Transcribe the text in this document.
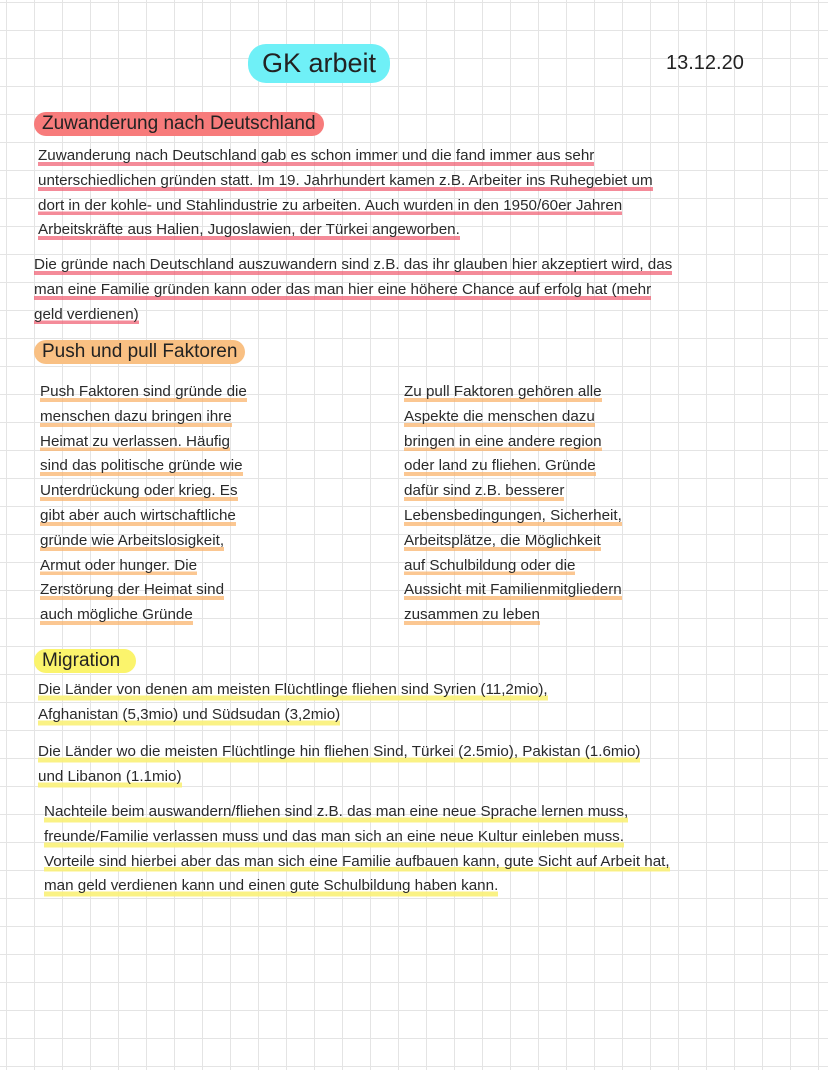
GK arbeit	13.12.20
Zuwanderung nach Deutschland
Zuwanderung nach Deutschland gab es schon immer und die fand immer aus sehr
unterschiedlichen gründen statt. Im 19. Jahrhundert kamen z.B. Arbeiter ins Ruhegebiet um
dort in der kohle- und Stahlindustrie zu arbeiten. Auch wurden in den 1950/60er Jahren
Arbeitskräfte aus Halien, Jugoslawien, der Türkei angeworben.
Die gründe nach Deutschland auszuwandern sind z.B. das ihr glauben hier akzeptiert wird, das
man eine Familie gründen kann oder das man hier eine höhere Chance auf erfolg hat (mehr
geld verdienen)
Push und pull Faktoren
Push Faktoren sind gründe die
menschen dazu bringen ihre
Heimat zu verlassen. Häufig
sind das politische gründe wie
Unterdrückung oder krieg. Es
gibt aber auch wirtschaftliche
gründe wie Arbeitslosigkeit,
Armut oder hunger. Die
Zerstörung der Heimat sind
auch mögliche Gründe
Zu pull Faktoren gehören alle
Aspekte die menschen dazu
bringen in eine andere region
oder land zu fliehen. Gründe
dafür sind z.B. besserer
Lebensbedingungen, Sicherheit,
Arbeitsplätze, die Möglichkeit
auf Schulbildung oder die
Aussicht mit Familienmitgliedern
zusammen zu leben
Migration
Die Länder von denen am meisten Flüchtlinge fliehen sind Syrien (11,2mio),
Afghanistan (5,3mio) und Südsudan (3,2mio)
Die Länder wo die meisten Flüchtlinge hin fliehen Sind, Türkei (2.5mio), Pakistan (1.6mio)
und Libanon (1.1mio)
Nachteile beim auswandern/fliehen sind z.B. das man eine neue Sprache lernen muss,
freunde/Familie verlassen muss und das man sich an eine neue Kultur einleben muss.
Vorteile sind hierbei aber das man sich eine Familie aufbauen kann, gute Sicht auf Arbeit hat,
man geld verdienen kann und einen gute Schulbildung haben kann.
